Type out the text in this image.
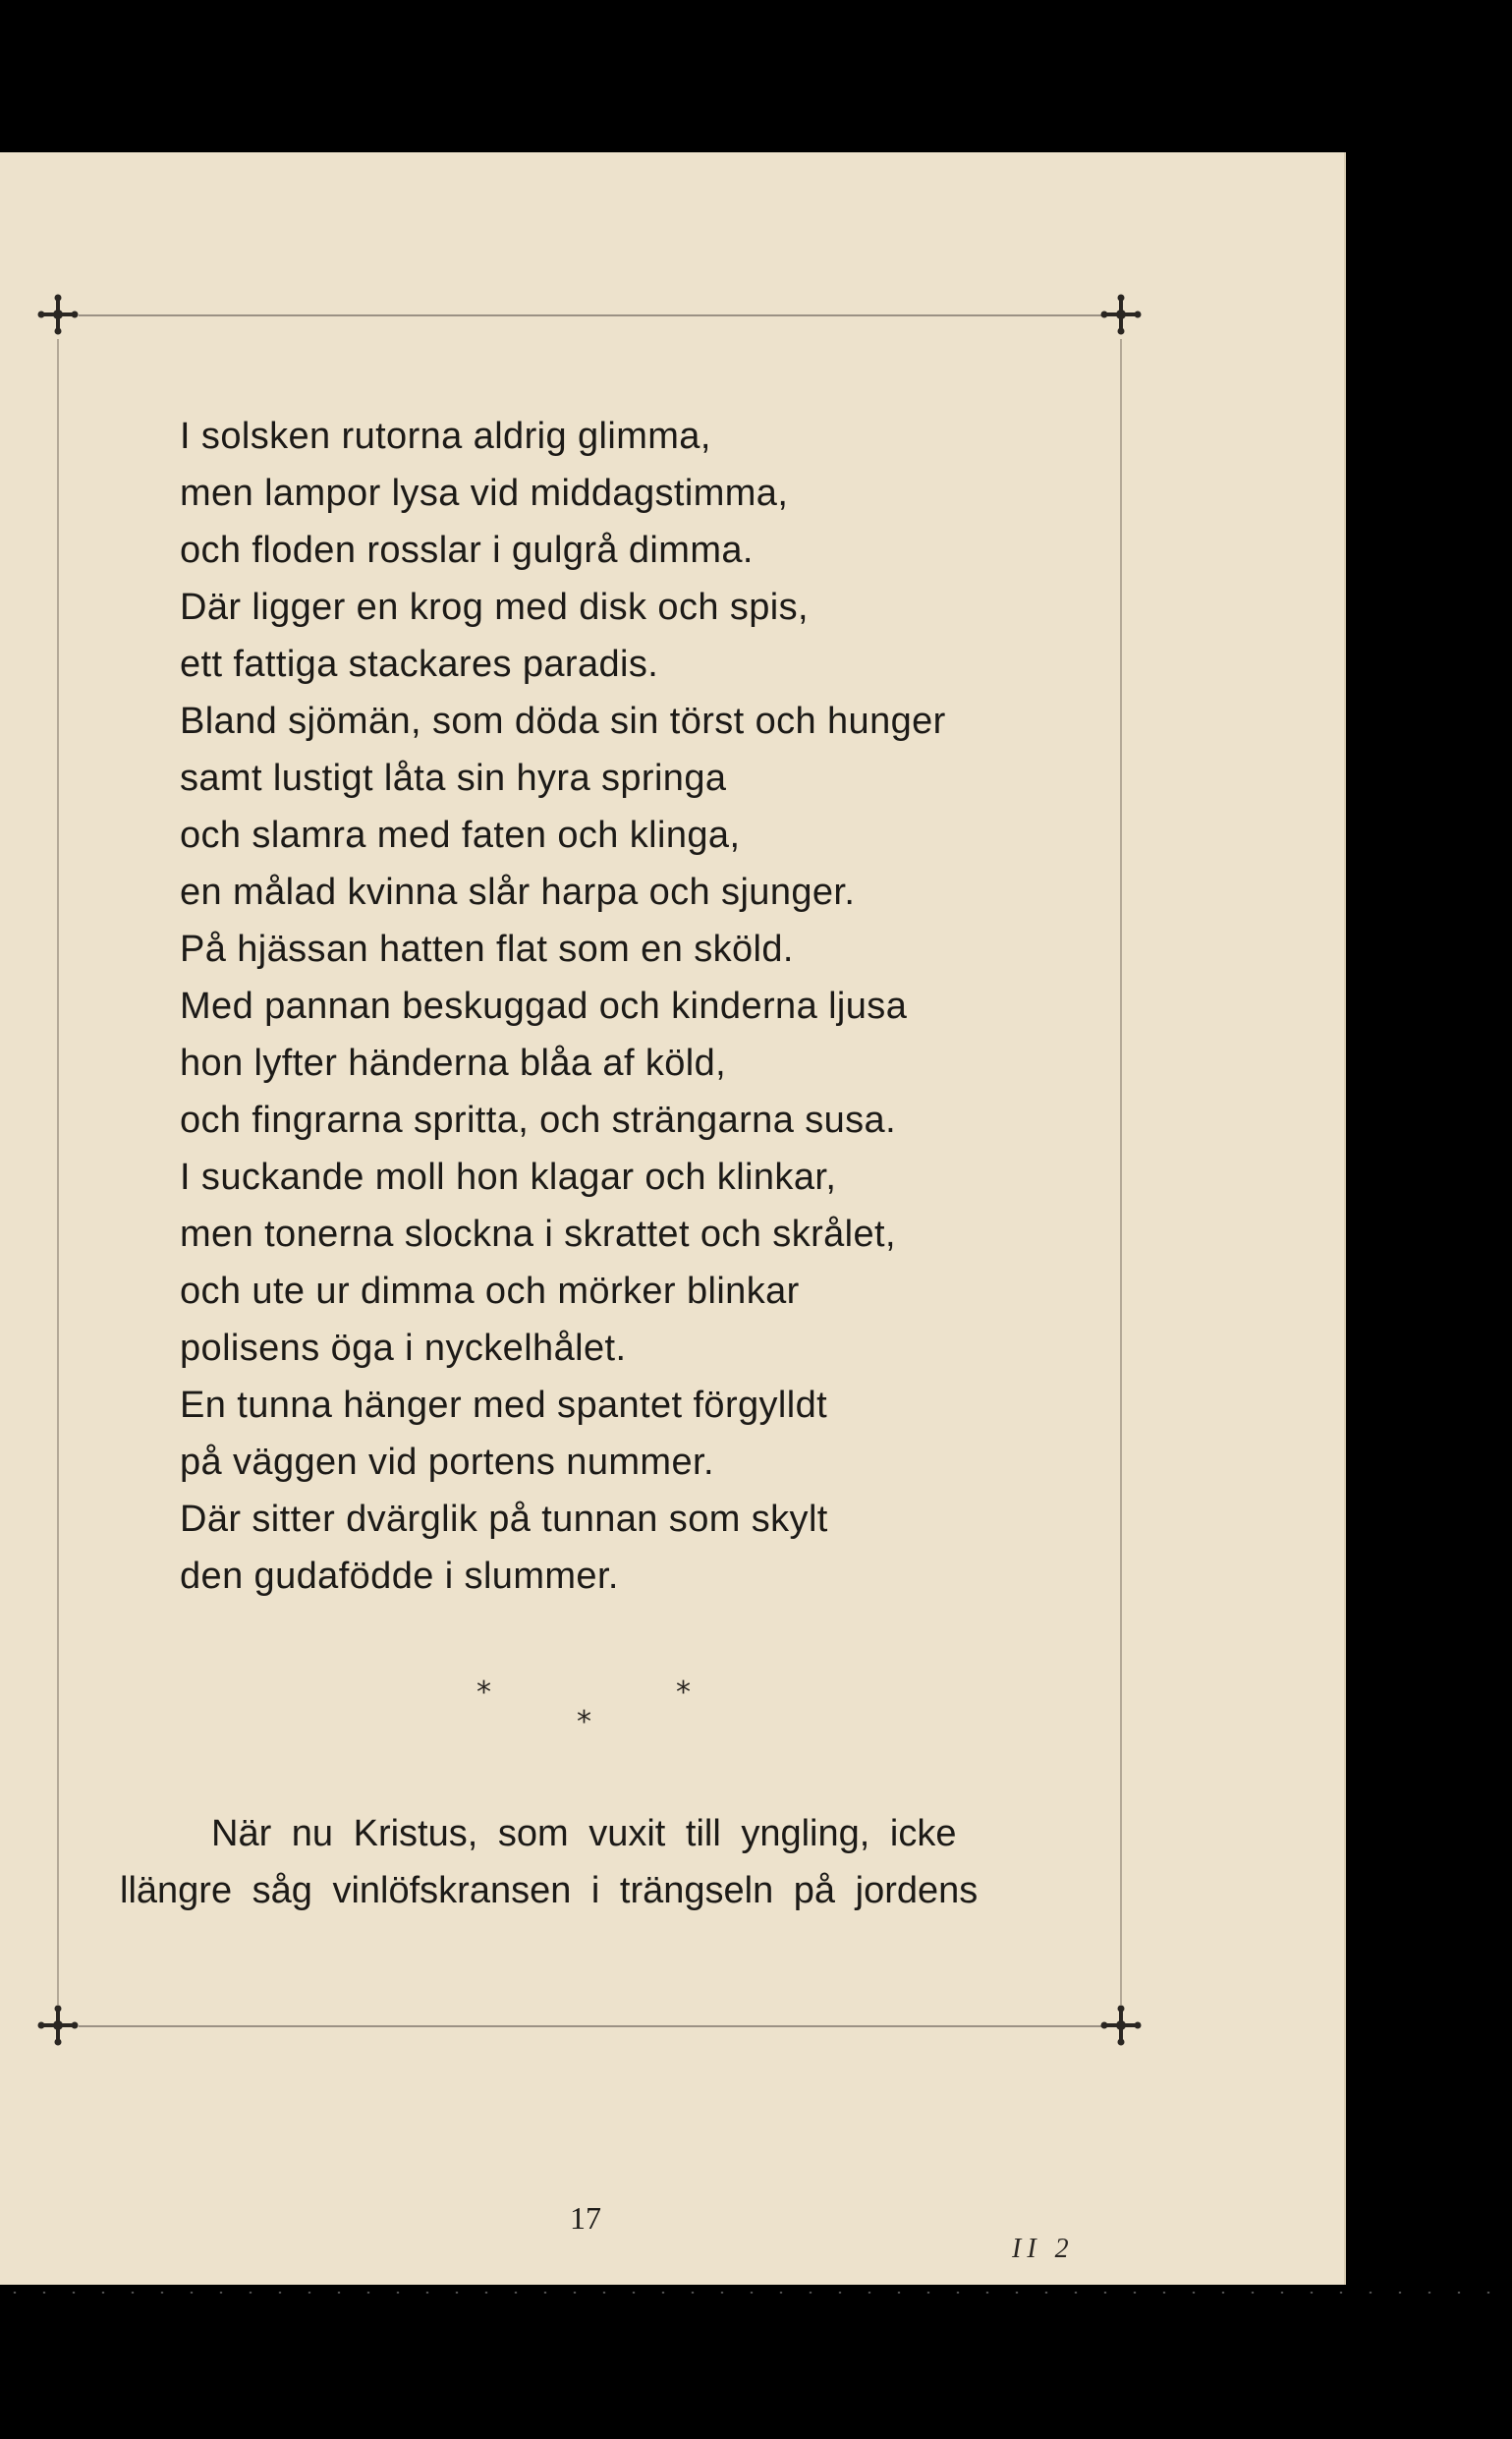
I solsken rutorna aldrig glimma,
men lampor lysa vid middagstimma,
och floden rosslar i gulgrå dimma.
Där ligger en krog med disk och spis,
ett fattiga stackares paradis.
Bland sjömän, som döda sin törst och hunger
samt lustigt låta sin hyra springa
och slamra med faten och klinga,
en målad kvinna slår harpa och sjunger.
På hjässan hatten flat som en sköld.
Med pannan beskuggad och kinderna ljusa
hon lyfter händerna blåa af köld,
och fingrarna spritta, och strängarna susa.
I suckande moll hon klagar och klinkar,
men tonerna slockna i skrattet och skrålet,
och ute ur dimma och mörker blinkar
polisens öga i nyckelhålet.
En tunna hänger med spantet förgylldt
på väggen vid portens nummer.
Där sitter dvärglik på tunnan som skylt
den gudafödde i slummer.
*	*
*
När nu Kristus, som vuxit till yngling, icke
llängre såg vinlöfskransen i trängseln på jordens
17
II 2
